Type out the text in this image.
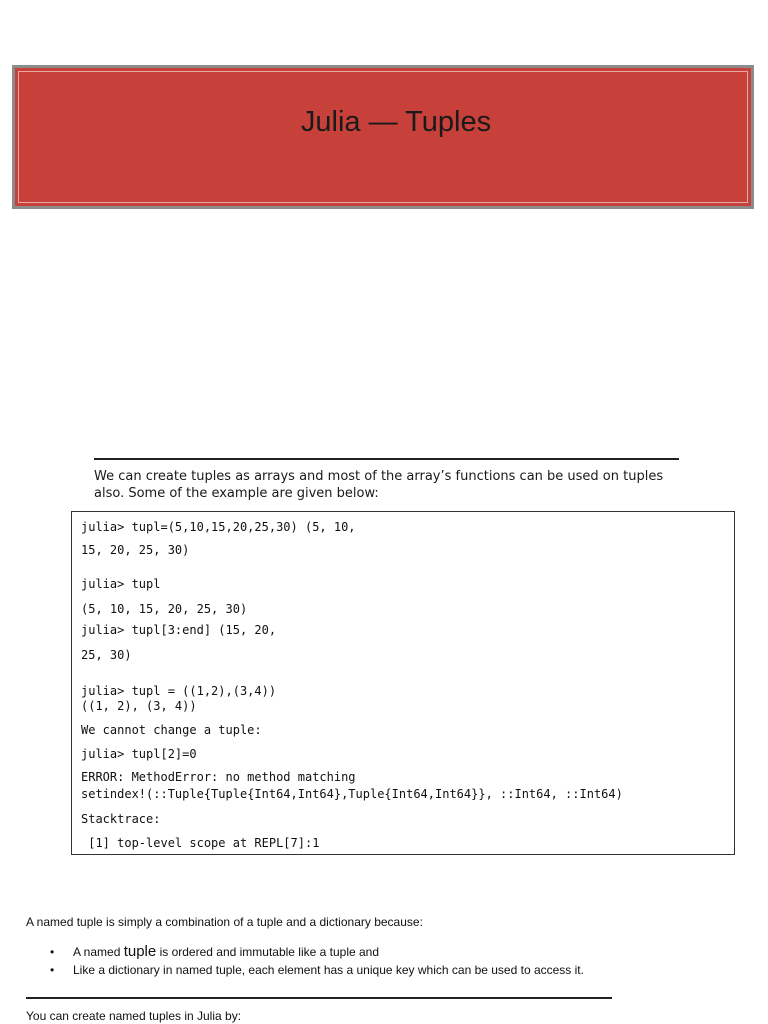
Julia — Tuples
We can create tuples as arrays and most of the array’s functions can be used on tuples
also. Some of the example are given below:
julia> tupl=(5,10,15,20,25,30) (5, 10,
15, 20, 25, 30)
julia> tupl
(5, 10, 15, 20, 25, 30)
julia> tupl[3:end] (15, 20,
25, 30)
julia> tupl = ((1,2),(3,4))
((1, 2), (3, 4))
We cannot change a tuple:
julia> tupl[2]=0
ERROR: MethodError: no method matching
setindex!(::Tuple{Tuple{Int64,Int64},Tuple{Int64,Int64}}, ::Int64, ::Int64)
Stacktrace:
[1] top-level scope at REPL[7]:1
A named tuple is simply a combination of a tuple and a dictionary because:
• A named tuple is ordered and immutable like a tuple and
• Like a dictionary in named tuple, each element has a unique key which can be used to access it.
You can create named tuples in Julia by:
